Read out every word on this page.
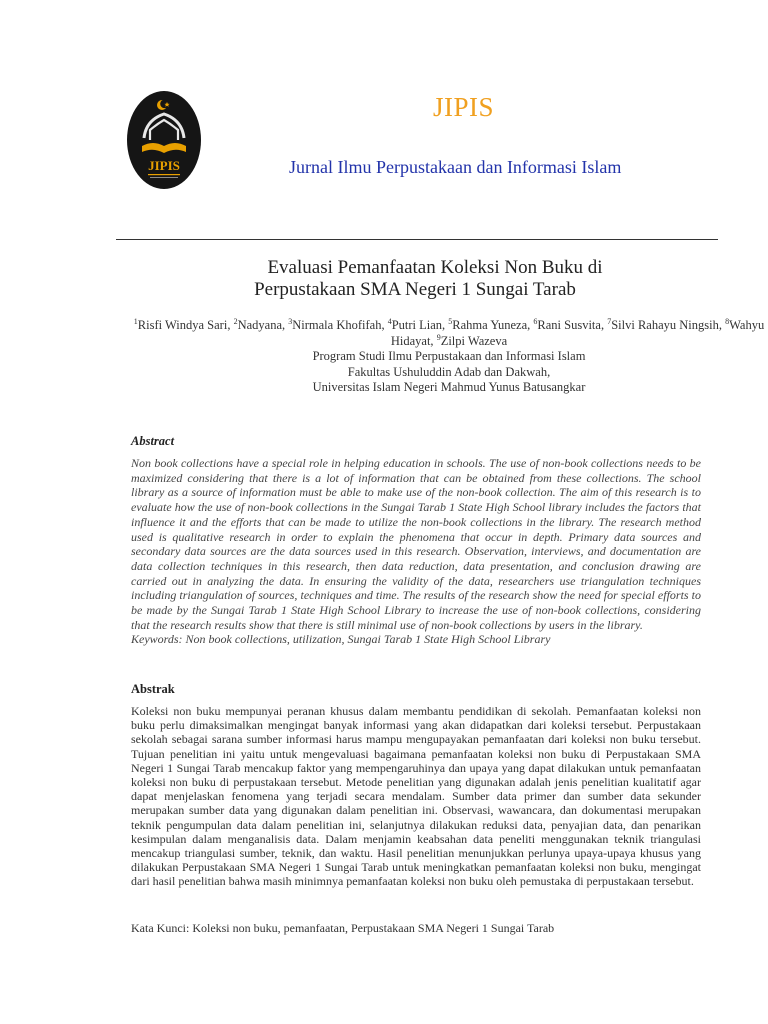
JIPIS
JIPIS
Jurnal Ilmu Perpustakaan dan Informasi Islam
Evaluasi Pemanfaatan Koleksi Non Buku di
Perpustakaan SMA Negeri 1 Sungai Tarab
$^1$Risfi Windya Sari, $^2$Nadyana, $^3$Nirmala Khofifah, $^4$Putri Lian, $^5$Rahma Yuneza, $^6$Rani Susvita, $^7$Silvi Rahayu Ningsih, $^8$Wahyu Hidayat, $^9$Zilpi Wazeva
Program Studi Ilmu Perpustakaan dan Informasi Islam
Fakultas Ushuluddin Adab dan Dakwah,
Universitas Islam Negeri Mahmud Yunus Batusangkar
Abstract

Non book collections have a special role in helping education in schools. The use of non-book collections needs to be maximized considering that there is a lot of information that can be obtained from these collections. The school library as a source of information must be able to make use of the non-book collection. The aim of this research is to evaluate how the use of non-book collections in the Sungai Tarab 1 State High School library includes the factors that influence it and the efforts that can be made to utilize the non-book collections in the library. The research method used is qualitative research in order to explain the phenomena that occur in depth. Primary data sources and secondary data sources are the data sources used in this research. Observation, interviews, and documentation are data collection techniques in this research, then data reduction, data presentation, and conclusion drawing are carried out in analyzing the data. In ensuring the validity of the data, researchers use triangulation techniques including triangulation of sources, techniques and time. The results of the research show the need for special efforts to be made by the Sungai Tarab 1 State High School Library to increase the use of non-book collections, considering that the research results show that there is still minimal use of non-book collections by users in the library.

Keywords: Non book collections, utilization, Sungai Tarab 1 State High School Library
Abstrak

Koleksi non buku mempunyai peranan khusus dalam membantu pendidikan di sekolah. Pemanfaatan koleksi non buku perlu dimaksimalkan mengingat banyak informasi yang akan didapatkan dari koleksi tersebut. Perpustakaan sekolah sebagai sarana sumber informasi harus mampu mengupayakan pemanfaatan dari koleksi non buku tersebut. Tujuan penelitian ini yaitu untuk mengevaluasi bagaimana pemanfaatan koleksi non buku di Perpustakaan SMA Negeri 1 Sungai Tarab mencakup faktor yang mempengaruhinya dan upaya yang dapat dilakukan untuk pemanfaatan koleksi non buku di perpustakaan tersebut. Metode penelitian yang digunakan adalah jenis penelitian kualitatif agar dapat menjelaskan fenomena yang terjadi secara mendalam. Sumber data primer dan sumber data sekunder merupakan sumber data yang digunakan dalam penelitian ini. Observasi, wawancara, dan dokumentasi merupakan teknik pengumpulan data dalam penelitian ini, selanjutnya dilakukan reduksi data, penyajian data, dan penarikan kesimpulan dalam menganalisis data. Dalam menjamin keabsahan data peneliti menggunakan teknik triangulasi mencakup triangulasi sumber, teknik, dan waktu. Hasil penelitian menunjukkan perlunya upaya-upaya khusus yang dilakukan Perpustakaan SMA Negeri 1 Sungai Tarab untuk meningkatkan pemanfaatan koleksi non buku, mengingat dari hasil penelitian bahwa masih minimnya pemanfaatan koleksi non buku oleh pemustaka di perpustakaan tersebut.

Kata Kunci: Koleksi non buku, pemanfaatan, Perpustakaan SMA Negeri 1 Sungai Tarab
